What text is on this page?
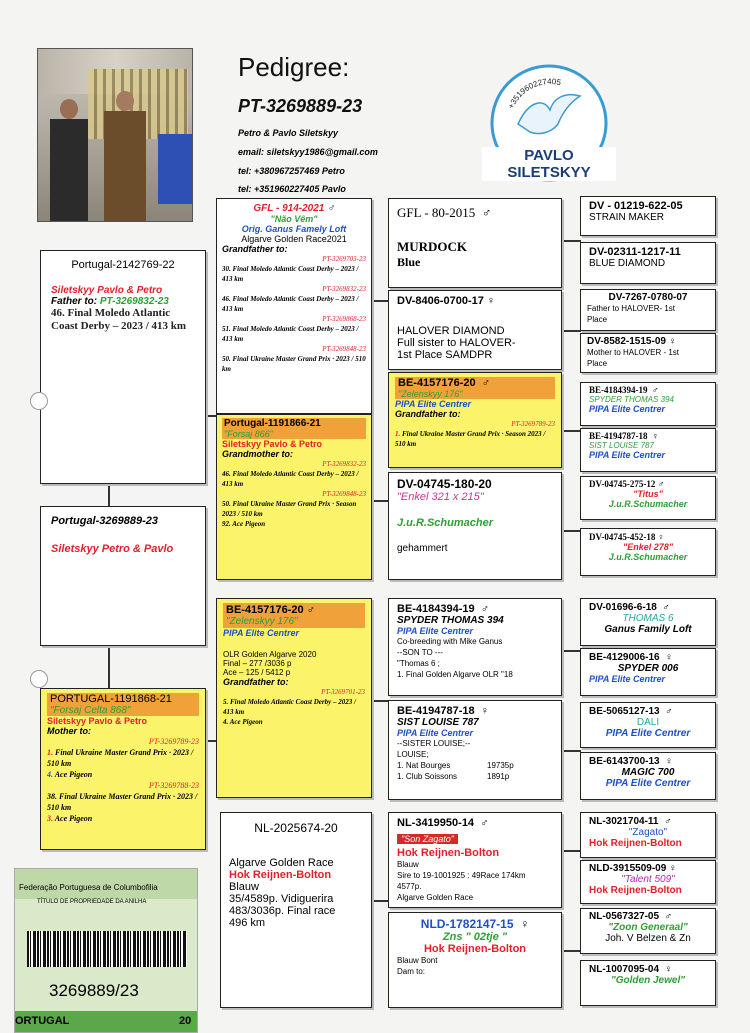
Pedigree:
PT-3269889-23
Petro & Pavlo Siletskyy
email: siletskyy1986@gmail.com
tel: +380967257469 Petro
tel: +351960227405 Pavlo
+351960227405
PAVLO SILETSKYY
Portugal-2142769-22
Siletskyy Pavlo & Petro
Father to: PT-3269832-23
46. Final Moledo Atlantic Coast Derby – 2023 / 413 km
Portugal-3269889-23
Siletskyy Petro & Pavlo
PORTUGAL-1191868-21
"Forsaj Celta 868"
Siletskyy Pavlo & Petro
Mother to:
PT-3269789-23
1. Final Ukraine Master Grand Prix · 2023 / 510 km
4. Ace Pigeon
PT-3269788-23
38. Final Ukraine Master Grand Prix · 2023 / 510 km
3. Ace Pigeon
GFL - 914-2021 ♂
"Não Vêm"
Orig. Ganus Famely Loft
Algarve Golden Race2021
Grandfather to:
PT-3269703-23
30. Final Moledo Atlantic Coast Derby – 2023 / 413 km
PT-3269832-23
46. Final Moledo Atlantic Coast Derby – 2023 / 413 km
PT-3269868-23
51. Final Moledo Atlantic Coast Derby – 2023 / 413 km
PT-3269848-23
50. Final Ukraine Master Grand Prix · 2023 / 510 km
Portugal-1191866-21
"Forsaj 866"
Siletskyy Pavlo & Petro
Grandmother to:
PT-3269832-23
46. Final Moledo Atlantic Coast Derby – 2023 / 413 km
PT-3269848-23
50. Final Ukraine Master Grand Prix · Season 2023 / 510 km
92. Ace Pigeon
BE-4157176-20 ♂
"Zelenskyy 176"
PIPA Elite Centrer
OLR Golden Algarve 2020
Final – 277 /3036 p
Ace – 125 / 5412 p
Grandfather to:
PT-3269701-23
5. Final Moledo Atlantic Coast Derby – 2023 / 413 km
4. Ace Pigeon
NL-2025674-20
Algarve Golden Race
Hok Reijnen-Bolton
Blauw
35/4589p. Vidiguerira
483/3036p. Final race
496 km
GFL - 80-2015 ♂
MURDOCK
Blue
DV-8406-0700-17 ♀
HALOVER DIAMOND
Full sister to HALOVER-
1st Place SAMDPR
BE-4157176-20 ♂
"Zelenskyy 176"
PIPA Elite Centrer
Grandfather to:
PT-3269789-23
1. Final Ukraine Master Grand Prix · Season 2023 / 510 km
DV-04745-180-20
"Enkel 321 x 215"
J.u.R.Schumacher
gehammert
BE-4184394-19 ♂
SPYDER THOMAS 394
PIPA Elite Centrer
Co-breeding with Mike Ganus
--SON TO ---
"Thomas 6 ;
1. Final Golden Algarve OLR "18
BE-4194787-18 ♀
SIST LOUISE 787
PIPA Elite Centrer
--SISTER LOUISE;--
LOUISE;
1. Nat Bourges	19735p
1. Club Soissons	1891p
NL-3419950-14 ♂
"Son Zagato"
Hok Reijnen-Bolton
Blauw
Sire to 19-1001925 : 49Race 174km
4577p.
Algarve Golden Race
NLD-1782147-15 ♀
Zns " 02tje "
Hok Reijnen-Bolton
Blauw Bont
Dam to:
DV - 01219-622-05
STRAIN MAKER
DV-02311-1217-11
BLUE DIAMOND
DV-7267-0780-07
Father to HALOVER- 1st
Place
DV-8582-1515-09 ♀
Mother to HALOVER - 1st
Place
BE-4184394-19 ♂
SPYDER THOMAS 394
PIPA Elite Centrer
BE-4194787-18 ♀
SIST LOUISE 787
PIPA Elite Centrer
DV-04745-275-12 ♂
"Titus"
J.u.R.Schumacher
DV-04745-452-18 ♀
"Enkel 278"
J.u.R.Schumacher
DV-01696-6-18 ♂
THOMAS 6
Ganus Family Loft
BE-4129006-16 ♀
SPYDER 006
PIPA Elite Centrer
BE-5065127-13 ♂
DALI
PIPA Elite Centrer
BE-6143700-13 ♀
MAGIC 700
PIPA Elite Centrer
NL-3021704-11 ♂
"Zagato"
Hok Reijnen-Bolton
NLD-3915509-09 ♀
"Talent 509"
Hok Reijnen-Bolton
NL-0567327-05 ♂
"Zoon Generaal"
Joh. V Belzen & Zn
NL-1007095-04 ♀
"Golden Jewel"
Federação Portuguesa de Columbofilia
TÍTULO DE PROPRIEDADE DA ANILHA
3269889/23
ORTUGAL	20
